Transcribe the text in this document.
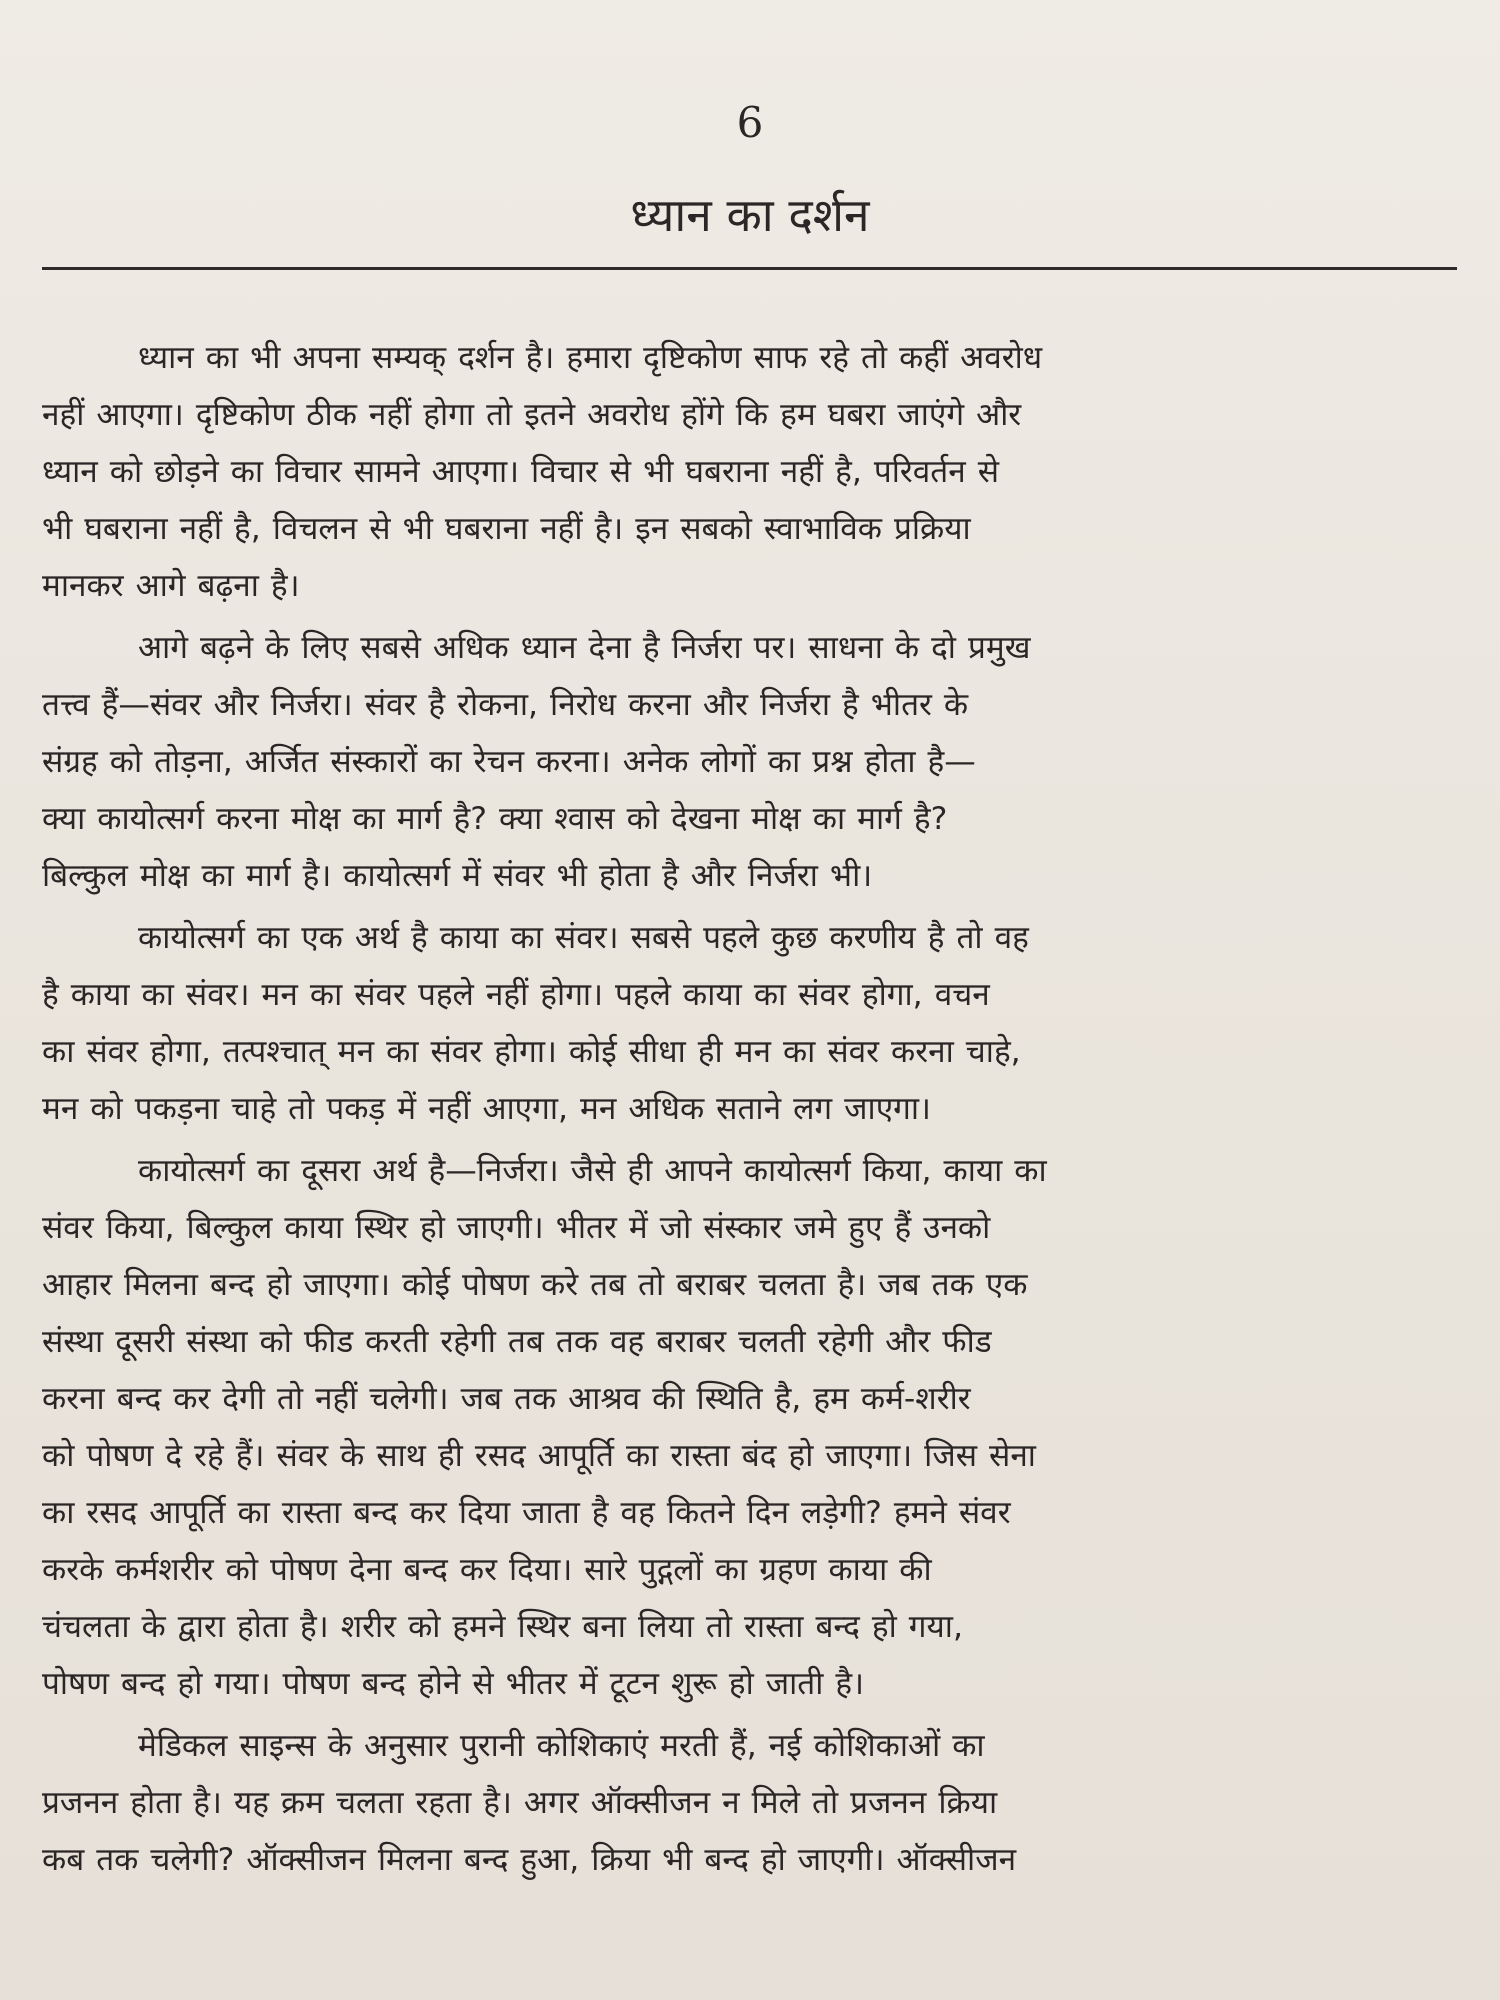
6
ध्यान का दर्शन

ध्यान का भी अपना सम्यक् दर्शन है। हमारा दृष्टिकोण साफ रहे तो कहीं अवरोध
नहीं आएगा। दृष्टिकोण ठीक नहीं होगा तो इतने अवरोध होंगे कि हम घबरा जाएंगे और
ध्यान को छोड़ने का विचार सामने आएगा। विचार से भी घबराना नहीं है, परिवर्तन से
भी घबराना नहीं है, विचलन से भी घबराना नहीं है। इन सबको स्वाभाविक प्रक्रिया
मानकर आगे बढ़ना है।

आगे बढ़ने के लिए सबसे अधिक ध्यान देना है निर्जरा पर। साधना के दो प्रमुख
तत्त्व हैं—संवर और निर्जरा। संवर है रोकना, निरोध करना और निर्जरा है भीतर के
संग्रह को तोड़ना, अर्जित संस्कारों का रेचन करना। अनेक लोगों का प्रश्न होता है—
क्या कायोत्सर्ग करना मोक्ष का मार्ग है? क्या श्वास को देखना मोक्ष का मार्ग है?
बिल्कुल मोक्ष का मार्ग है। कायोत्सर्ग में संवर भी होता है और निर्जरा भी।

कायोत्सर्ग का एक अर्थ है काया का संवर। सबसे पहले कुछ करणीय है तो वह
है काया का संवर। मन का संवर पहले नहीं होगा। पहले काया का संवर होगा, वचन
का संवर होगा, तत्पश्चात् मन का संवर होगा। कोई सीधा ही मन का संवर करना चाहे,
मन को पकड़ना चाहे तो पकड़ में नहीं आएगा, मन अधिक सताने लग जाएगा।

कायोत्सर्ग का दूसरा अर्थ है—निर्जरा। जैसे ही आपने कायोत्सर्ग किया, काया का
संवर किया, बिल्कुल काया स्थिर हो जाएगी। भीतर में जो संस्कार जमे हुए हैं उनको
आहार मिलना बन्द हो जाएगा। कोई पोषण करे तब तो बराबर चलता है। जब तक एक
संस्था दूसरी संस्था को फीड करती रहेगी तब तक वह बराबर चलती रहेगी और फीड
करना बन्द कर देगी तो नहीं चलेगी। जब तक आश्रव की स्थिति है, हम कर्म-शरीर
को पोषण दे रहे हैं। संवर के साथ ही रसद आपूर्ति का रास्ता बंद हो जाएगा। जिस सेना
का रसद आपूर्ति का रास्ता बन्द कर दिया जाता है वह कितने दिन लड़ेगी? हमने संवर
करके कर्मशरीर को पोषण देना बन्द कर दिया। सारे पुद्गलों का ग्रहण काया की
चंचलता के द्वारा होता है। शरीर को हमने स्थिर बना लिया तो रास्ता बन्द हो गया,
पोषण बन्द हो गया। पोषण बन्द होने से भीतर में टूटन शुरू हो जाती है।

मेडिकल साइन्स के अनुसार पुरानी कोशिकाएं मरती हैं, नई कोशिकाओं का
प्रजनन होता है। यह क्रम चलता रहता है। अगर ऑक्सीजन न मिले तो प्रजनन क्रिया
कब तक चलेगी? ऑक्सीजन मिलना बन्द हुआ, क्रिया भी बन्द हो जाएगी। ऑक्सीजन
